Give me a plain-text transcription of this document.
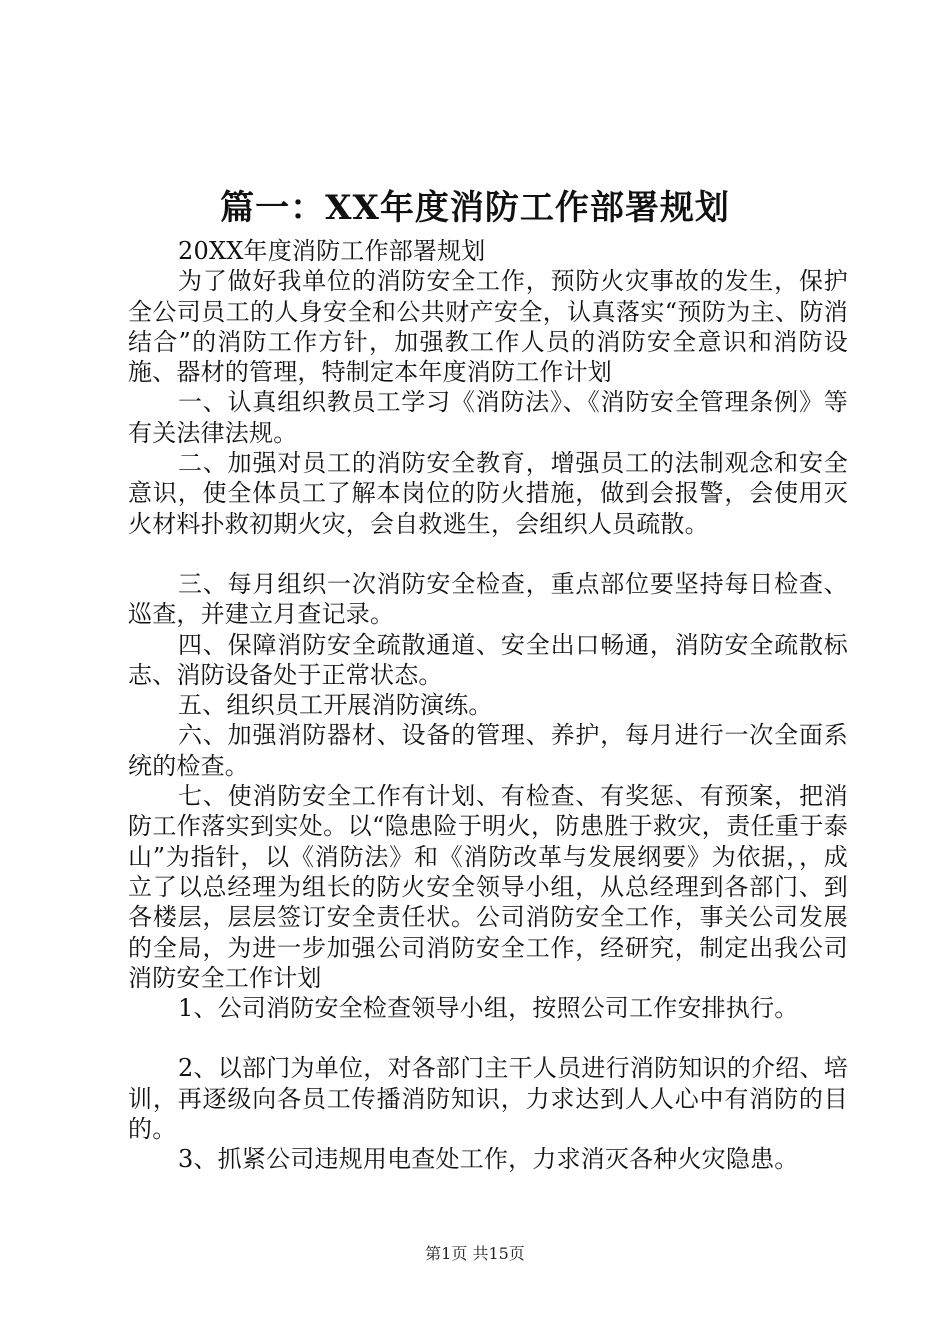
篇一：XX年度消防工作部署规划

20XX年度消防工作部署规划

为了做好我单位的消防安全工作，预防火灾事故的发生，保护全公司员工的人身安全和公共财产安全，认真落实“预防为主、防消结合”的消防工作方针，加强教工作人员的消防安全意识和消防设施、器材的管理，特制定本年度消防工作计划

一、认真组织教员工学习《消防法》、《消防安全管理条例》等有关法律法规。

二、加强对员工的消防安全教育，增强员工的法制观念和安全意识，使全体员工了解本岗位的防火措施，做到会报警，会使用灭火材料扑救初期火灾，会自救逃生，会组织人员疏散。

三、每月组织一次消防安全检查，重点部位要坚持每日检查、巡查，并建立月查记录。

四、保障消防安全疏散通道、安全出口畅通，消防安全疏散标志、消防设备处于正常状态。

五、组织员工开展消防演练。

六、加强消防器材、设备的管理、养护，每月进行一次全面系统的检查。

七、使消防安全工作有计划、有检查、有奖惩、有预案，把消防工作落实到实处。以“隐患险于明火，防患胜于救灾，责任重于泰山”为指针，以《消防法》和《消防改革与发展纲要》为依据，，成立了以总经理为组长的防火安全领导小组，从总经理到各部门、到各楼层，层层签订安全责任状。公司消防安全工作，事关公司发展的全局，为进一步加强公司消防安全工作，经研究，制定出我公司消防安全工作计划

1、公司消防安全检查领导小组，按照公司工作安排执行。

2、以部门为单位，对各部门主干人员进行消防知识的介绍、培训，再逐级向各员工传播消防知识，力求达到人人心中有消防的目的。

3、抓紧公司违规用电查处工作，力求消灭各种火灾隐患。

第1页 共15页
